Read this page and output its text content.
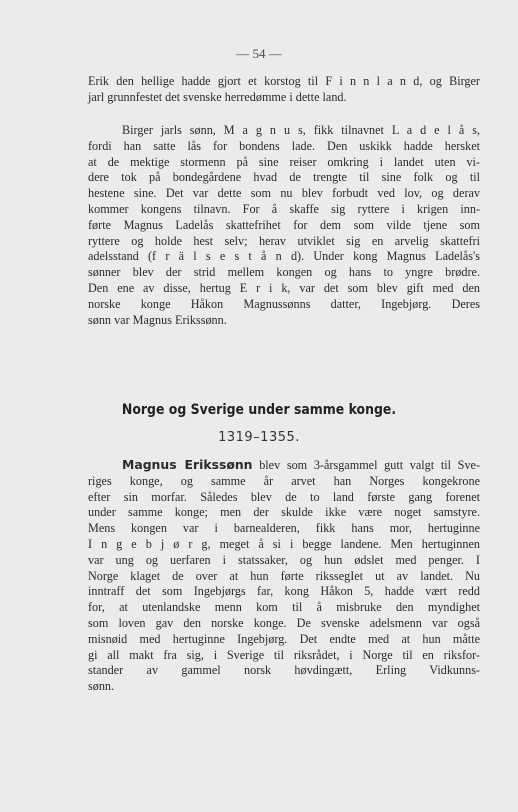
— 54 —
Erik den hellige hadde gjort et korstog til F i n n l a n d, og Birger
jarl grunnfestet det svenske herredømme i dette land.
Birger jarls sønn, M a g n u s, fikk tilnavnet L a d e l å s,
fordi han satte lås for bondens lade. Den uskikk hadde hersket
at de mektige stormenn på sine reiser omkring i landet uten vi-
dere tok på bondegårdene hvad de trengte til sine folk og til
hestene sine. Det var dette som nu blev forbudt ved lov, og derav
kommer kongens tilnavn. For å skaffe sig ryttere i krigen inn-
førte Magnus Ladelås skattefrihet for dem som vilde tjene som
ryttere og holde hest selv; herav utviklet sig en arvelig skattefri
adelsstand (f r ä l s e s t å n d). Under kong Magnus Ladelås's
sønner blev der strid mellem kongen og hans to yngre brødre.
Den ene av disse, hertug E r i k, var det som blev gift med den
norske konge Håkon Magnussønns datter, Ingebjørg. Deres
sønn var Magnus Erikssønn.
Norge og Sverige under samme konge.
1319–1355.
Magnus Erikssønn blev som 3-årsgammel gutt valgt til Sve-
riges konge, og samme år arvet han Norges kongekrone
efter sin morfar. Således blev de to land første gang forenet
under samme konge; men der skulde ikke være noget samstyre.
Mens kongen var i barnealderen, fikk hans mor, hertuginne
I n g e b j ø r g, meget å si i begge landene. Men hertuginnen
var ung og uerfaren i statssaker, og hun ødslet med penger. I
Norge klaget de over at hun førte rikssegIet ut av landet. Nu
inntraff det som Ingebjørgs far, kong Håkon 5, hadde vært redd
for, at utenlandske menn kom til å misbruke den myndighet
som loven gav den norske konge. De svenske adelsmenn var også
misnøid med hertuginne Ingebjørg. Det endte med at hun måtte
gi all makt fra sig, i Sverige til riksrådet, i Norge til en riksfor-
stander av gammel norsk høvdingætt, Erling Vidkunns-
sønn.
